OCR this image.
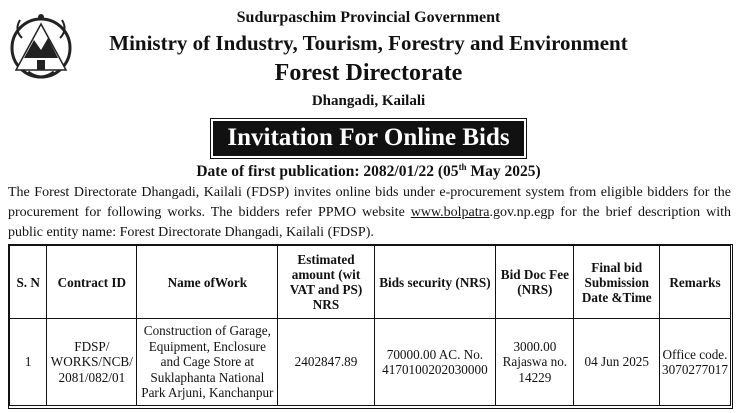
Sudurpaschim Provincial Government
Ministry of Industry, Tourism, Forestry and Environment
Forest Directorate
Dhangadi, Kailali
Invitation For Online Bids
Date of first publication: 2082/01/22 (05th May 2025)
The Forest Directorate Dhangadi, Kailali (FDSP) invites online bids under e-procurement system from eligible bidders for the procurement for following works. The bidders refer PPMO website www.bolpatra.gov.np.egp for the brief description with public entity name: Forest Directorate Dhangadi, Kailali (FDSP).
S. N	Contract ID	Name ofWork	Estimated amount (wit VAT and PS) NRS	Bids security (NRS)	Bid Doc Fee (NRS)	Final bid Submission Date &Time	Remarks
1	FDSP/ WORKS/NCB/ 2081/082/01	Construction of Garage, Equipment, Enclosure and Cage Store at Suklaphanta National Park Arjuni, Kanchanpur	2402847.89	70000.00 AC. No. 4170100202030000	3000.00 Rajaswa no. 14229	04 Jun 2025	Office code. 3070277017
